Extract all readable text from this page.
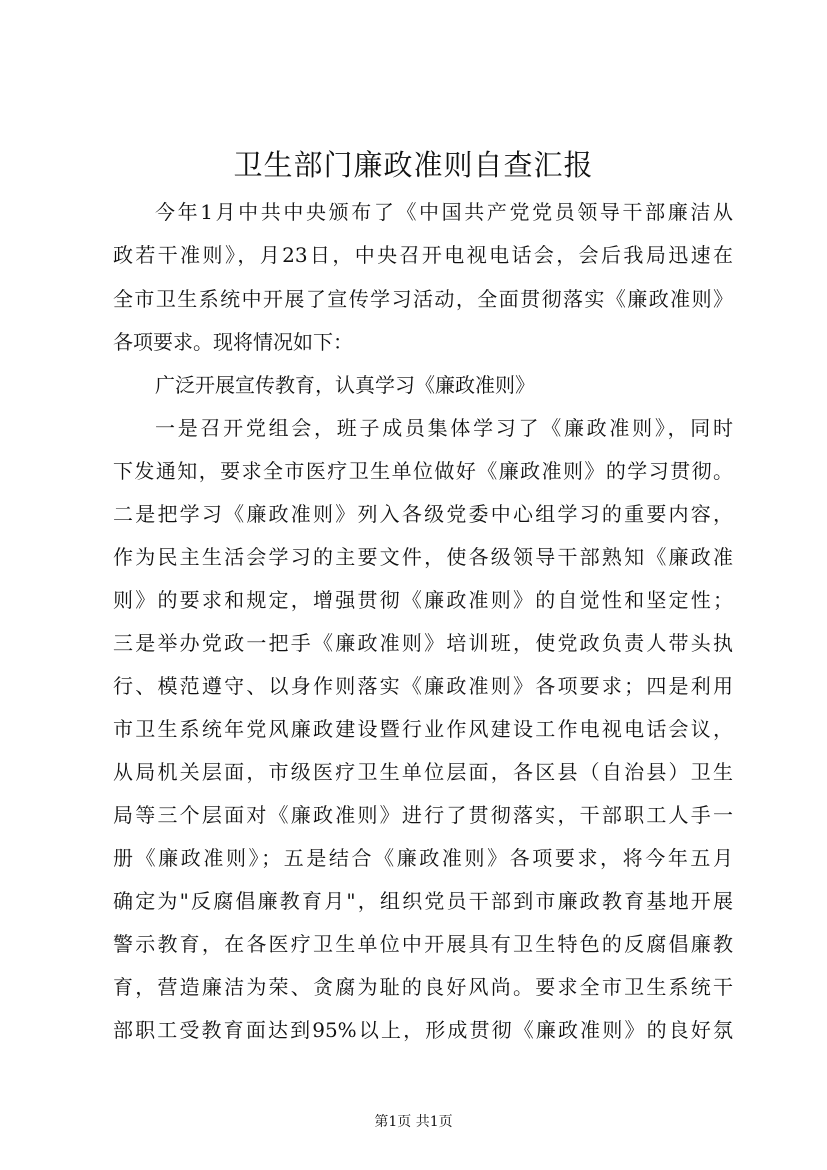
卫生部门廉政准则自查汇报
今年1月中共中央颁布了《中国共产党党员领导干部廉洁从
政若干准则》，月23日，中央召开电视电话会，会后我局迅速在
全市卫生系统中开展了宣传学习活动，全面贯彻落实《廉政准则》
各项要求。现将情况如下：
广泛开展宣传教育，认真学习《廉政准则》
一是召开党组会，班子成员集体学习了《廉政准则》，同时
下发通知，要求全市医疗卫生单位做好《廉政准则》的学习贯彻。
二是把学习《廉政准则》列入各级党委中心组学习的重要内容，
作为民主生活会学习的主要文件，使各级领导干部熟知《廉政准
则》的要求和规定，增强贯彻《廉政准则》的自觉性和坚定性；
三是举办党政一把手《廉政准则》培训班，使党政负责人带头执
行、模范遵守、以身作则落实《廉政准则》各项要求；四是利用
市卫生系统年党风廉政建设暨行业作风建设工作电视电话会议，
从局机关层面，市级医疗卫生单位层面，各区县（自治县）卫生
局等三个层面对《廉政准则》进行了贯彻落实，干部职工人手一
册《廉政准则》；五是结合《廉政准则》各项要求，将今年五月
确定为"反腐倡廉教育月"，组织党员干部到市廉政教育基地开展
警示教育，在各医疗卫生单位中开展具有卫生特色的反腐倡廉教
育，营造廉洁为荣、贪腐为耻的良好风尚。要求全市卫生系统干
部职工受教育面达到95%以上，形成贯彻《廉政准则》的良好氛
第1页 共1页
